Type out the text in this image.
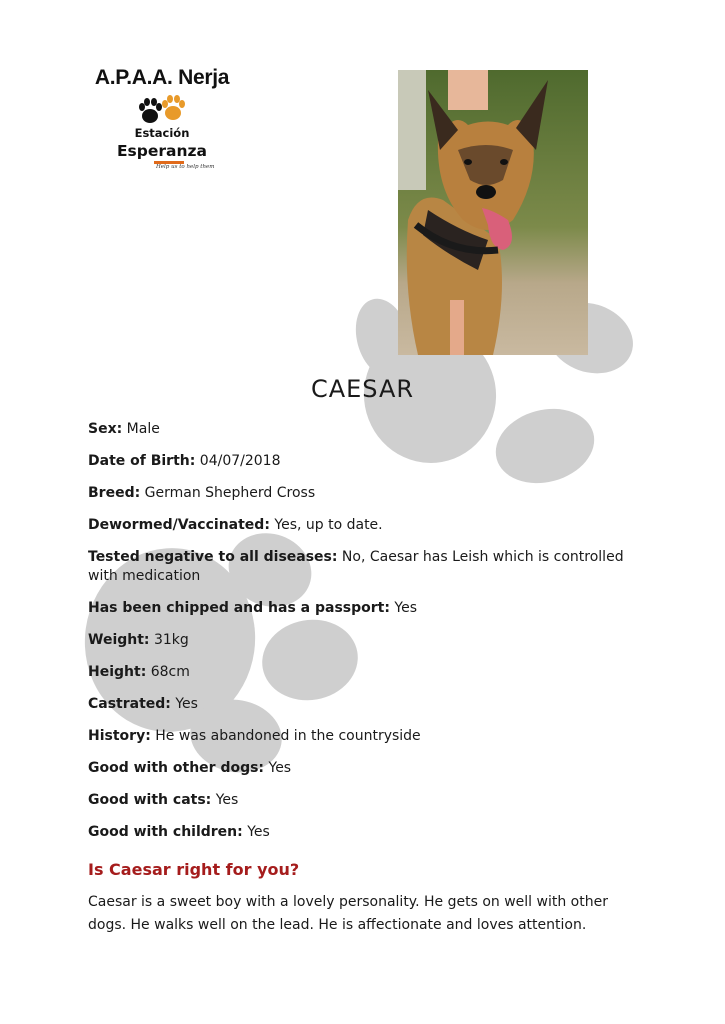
A.P.A.A. Nerja
Estación
Esperanza
Help us to help them
CAESAR
Sex: Male
Date of Birth: 04/07/2018
Breed: German Shepherd Cross
Dewormed/Vaccinated: Yes, up to date.
Tested negative to all diseases: No, Caesar has Leish which is controlled with medication
Has been chipped and has a passport: Yes
Weight: 31kg
Height: 68cm
Castrated: Yes
History: He was abandoned in the countryside
Good with other dogs: Yes
Good with cats: Yes
Good with children: Yes
Is Caesar right for you?

Caesar is a sweet boy with a lovely personality. He gets on well with other dogs. He walks well on the lead. He is affectionate and loves attention.
